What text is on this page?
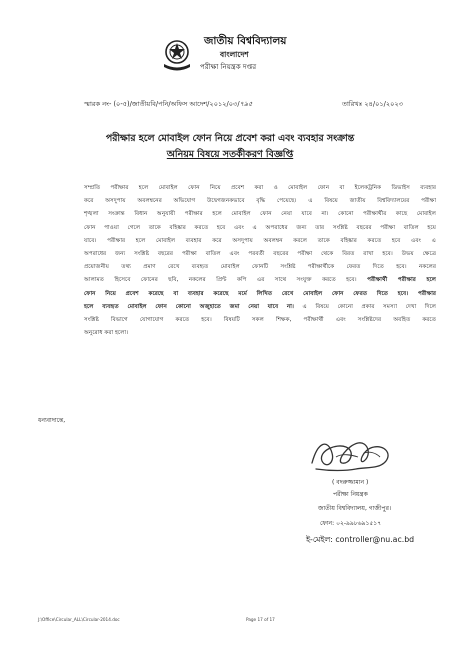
জাতীয় বিশ্ববিদ্যালয়
বাংলাদেশ
পরীক্ষা নিয়ন্ত্রক দপ্তর
স্মারক নং- (০-৫)/জাতীয়বি/পনি/অফিস আদেশ/২০১২/০৩/৭৯৫	তারিখঃ ২৪/০১/২০২৩
পরীক্ষার হলে মোবাইল ফোন নিয়ে প্রবেশ করা এবং ব্যবহার সংক্রান্ত
অনিয়ম বিষয়ে সতর্কীকরণ বিজ্ঞপ্তি
সম্প্রতি পরীক্ষার হলে মোবাইল ফোন নিয়ে প্রবেশ করা ও মোবাইল ফোন বা ইলেকট্রনিক ডিভাইস ব্যবহার
করে অসদুপায় অবলম্বনের অভিযোগ উদ্বেগজনকভাবে বৃদ্ধি পেয়েছে। এ বিষয়ে জাতীয় বিশ্ববিদ্যালয়ের পরীক্ষা
শৃঙ্খলা সংক্রান্ত বিধান অনুযায়ী পরীক্ষার হলে মোবাইল ফোন নেয়া যাবে না। কোনো পরীক্ষার্থীর কাছে মোবাইল
ফোন পাওয়া গেলে তাকে বহিষ্কার করতে হবে এবং এ অপরাধের জন্য তার সংশ্লিষ্ট বছরের পরীক্ষা বাতিল হয়ে
যাবে। পরীক্ষার হলে মোবাইল ব্যবহার করে অসদুপায় অবলম্বন করলে তাকে বহিষ্কার করতে হবে এবং এ
অপরাধের জন্য সংশ্লিষ্ট বছরের পরীক্ষা বাতিল এবং পরবর্তী বছরের পরীক্ষা থেকে বিরত রাখা হবে। উভয় ক্ষেত্রে
প্রয়োজনীয় তথ্য প্রমাণ রেখে ব্যবহৃত মোবাইল ফোনটি সংশ্লিষ্ট পরীক্ষার্থীকে ফেরত দিতে হবে। নকলের
আলামত হিসেবে ফোনের ছবি, নকলের প্রিন্ট কপি এর সাথে সংযুক্ত করতে হবে। পরীক্ষার্থী পরীক্ষার হলে
ফোন নিয়ে প্রবেশ করেছে বা ব্যবহার করেছে মর্মে লিখিত রেখে মোবাইল ফোন ফেরত দিতে হবে। পরীক্ষার
হলে ব্যবহৃত মোবাইল ফোন কোনো অজুহাতে জমা নেয়া যাবে না। এ বিষয়ে কোনো প্রকার সমস্যা দেখা দিলে
সংশ্লিষ্ট বিভাগে যোগাযোগ করতে হবে। বিষয়টি সকল শিক্ষক, পরীক্ষার্থী এবং সংশ্লিষ্টদের অবহিত করতে
অনুরোধ করা হলো।
ধন্যবাদান্তে,
( বদরুজ্জামান )
পরীক্ষা নিয়ন্ত্রক
জাতীয় বিশ্ববিদ্যালয়, গাজীপুর।
ফোন: ০২-৯৯৮৬৯১৫১৭
ই-মেইল: controller@nu.ac.bd
J:\Office\Circular_ALL\Circular-2014.doc	Page 17 of 17
